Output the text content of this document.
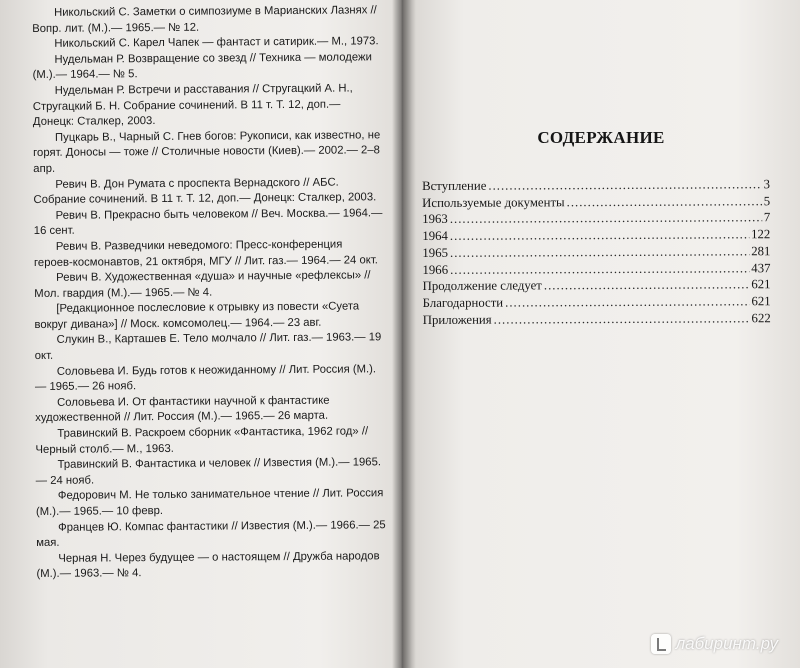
Никольский С. Заметки о симпозиуме в Марианских Лазнях // Вопр. лит. (М.).— 1965.— № 12.

Никольский С. Карел Чапек — фантаст и сатирик.— М., 1973.

Нудельман Р. Возвращение со звезд // Техника — молодежи (М.).— 1964.— № 5.

Нудельман Р. Встречи и расставания // Стругацкий А. Н., Стругацкий Б. Н. Собрание сочинений. В 11 т. Т. 12, доп.— Донецк: Сталкер, 2003.

Пуцкарь В., Чарный С. Гнев богов: Рукописи, как известно, не горят. Доносы — тоже // Столичные новости (Киев).— 2002.— 2–8 апр.

Ревич В. Дон Румата с проспекта Вернадского // АБС. Собрание сочинений. В 11 т. Т. 12, доп.— Донецк: Сталкер, 2003.

Ревич В. Прекрасно быть человеком // Веч. Москва.— 1964.— 16 сент.

Ревич В. Разведчики неведомого: Пресс-конференция героев-космонавтов, 21 октября, МГУ // Лит. газ.— 1964.— 24 окт.

Ревич В. Художественная «душа» и научные «рефлексы» // Мол. гвардия (М.).— 1965.— № 4.

[Редакционное послесловие к отрывку из повести «Суета вокруг дивана»] // Моск. комсомолец.— 1964.— 23 авг.

Слукин В., Карташев Е. Тело молчало // Лит. газ.— 1963.— 19 окт.

Соловьева И. Будь готов к неожиданному // Лит. Россия (М.).— 1965.— 26 нояб.

Соловьева И. От фантастики научной к фантастике художественной // Лит. Россия (М.).— 1965.— 26 марта.

Травинский В. Раскроем сборник «Фантастика, 1962 год» // Черный столб.— М., 1963.

Травинский В. Фантастика и человек // Известия (М.).— 1965.— 24 нояб.

Федорович М. Не только занимательное чтение // Лит. Россия (М.).— 1965.— 10 февр.

Францев Ю. Компас фантастики // Известия (М.).— 1966.— 25 мая.

Черная Н. Через будущее — о настоящем // Дружба народов (М.).— 1963.— № 4.

СОДЕРЖАНИЕ
Вступление .....	3
Используемые документы .....	5
1963 .....	7
1964 .....	122
1965 .....	281
1966 .....	437
Продолжение следует .....	621
Благодарности .....	621
Приложения .....	622
лабиринт.ру
